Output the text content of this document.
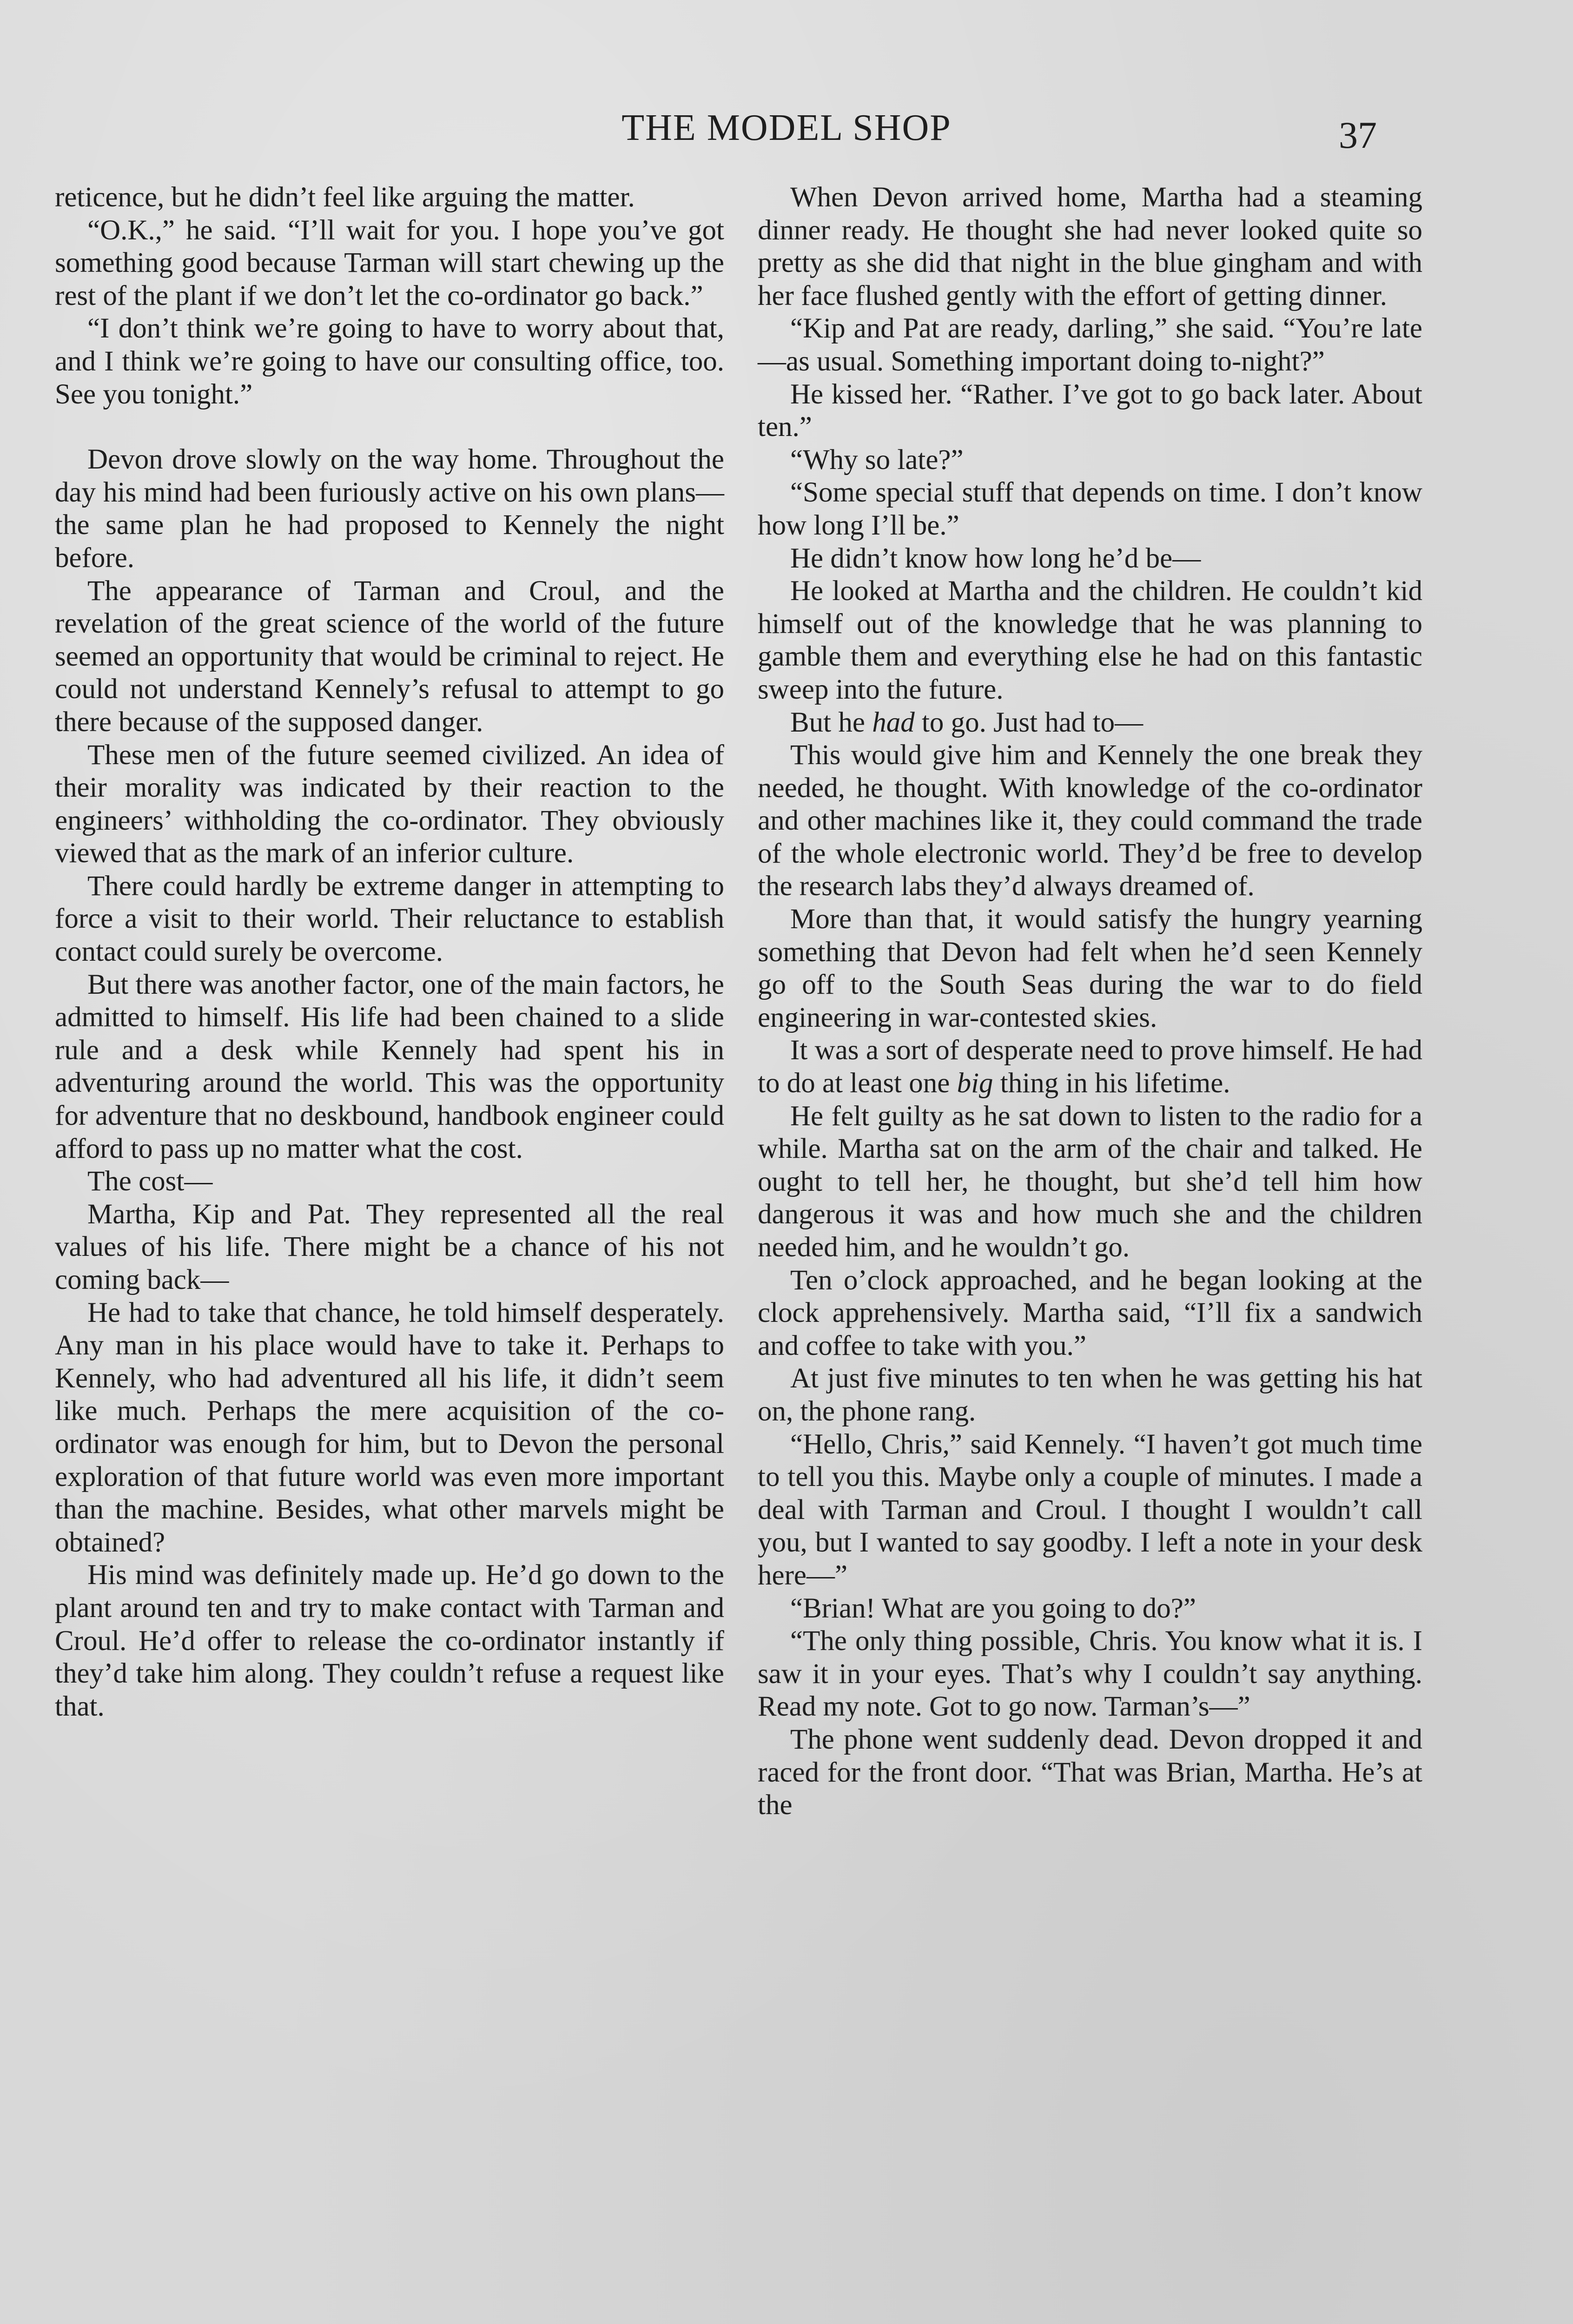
THE MODEL SHOP	37

reticence, but he didn’t feel like arguing the matter.

“O.K.,” he said. “I’ll wait for you. I hope you’ve got something good because Tarman will start chewing up the rest of the plant if we don’t let the co-ordinator go back.”

“I don’t think we’re going to have to worry about that, and I think we’re going to have our consulting office, too. See you tonight.”

Devon drove slowly on the way home. Throughout the day his mind had been furiously active on his own plans—the same plan he had proposed to Kennely the night before.

The appearance of Tarman and Croul, and the revelation of the great science of the world of the future seemed an opportunity that would be criminal to reject. He could not understand Kennely’s refusal to attempt to go there because of the supposed danger.

These men of the future seemed civilized. An idea of their morality was indicated by their reaction to the engineers’ withholding the co-ordinator. They obviously viewed that as the mark of an inferior culture.

There could hardly be extreme danger in attempting to force a visit to their world. Their reluctance to establish contact could surely be overcome.

But there was another factor, one of the main factors, he admitted to himself. His life had been chained to a slide rule and a desk while Kennely had spent his in adventuring around the world. This was the opportunity for adventure that no deskbound, handbook engineer could afford to pass up no matter what the cost.

The cost—

Martha, Kip and Pat. They represented all the real values of his life. There might be a chance of his not coming back—

He had to take that chance, he told himself desperately. Any man in his place would have to take it. Perhaps to Kennely, who had adventured all his life, it didn’t seem like much. Perhaps the mere acquisition of the co-ordinator was enough for him, but to Devon the personal exploration of that future world was even more important than the machine. Besides, what other marvels might be obtained?

His mind was definitely made up. He’d go down to the plant around ten and try to make contact with Tarman and Croul. He’d offer to release the co-ordinator instantly if they’d take him along. They couldn’t refuse a request like that.

When Devon arrived home, Martha had a steaming dinner ready. He thought she had never looked quite so pretty as she did that night in the blue gingham and with her face flushed gently with the effort of getting dinner.

“Kip and Pat are ready, darling,” she said. “You’re late—as usual. Something important doing to-night?”

He kissed her. “Rather. I’ve got to go back later. About ten.”

“Why so late?”

“Some special stuff that depends on time. I don’t know how long I’ll be.”

He didn’t know how long he’d be—

He looked at Martha and the children. He couldn’t kid himself out of the knowledge that he was planning to gamble them and everything else he had on this fantastic sweep into the future.

But he had to go. Just had to—

This would give him and Kennely the one break they needed, he thought. With knowledge of the co-ordinator and other machines like it, they could command the trade of the whole electronic world. They’d be free to develop the research labs they’d always dreamed of.

More than that, it would satisfy the hungry yearning something that Devon had felt when he’d seen Kennely go off to the South Seas during the war to do field engineering in war-contested skies.

It was a sort of desperate need to prove himself. He had to do at least one big thing in his lifetime.

He felt guilty as he sat down to listen to the radio for a while. Martha sat on the arm of the chair and talked. He ought to tell her, he thought, but she’d tell him how dangerous it was and how much she and the children needed him, and he wouldn’t go.

Ten o’clock approached, and he began looking at the clock apprehensively. Martha said, “I’ll fix a sandwich and coffee to take with you.”

At just five minutes to ten when he was getting his hat on, the phone rang.

“Hello, Chris,” said Kennely. “I haven’t got much time to tell you this. Maybe only a couple of minutes. I made a deal with Tarman and Croul. I thought I wouldn’t call you, but I wanted to say goodby. I left a note in your desk here—”

“Brian! What are you going to do?”

“The only thing possible, Chris. You know what it is. I saw it in your eyes. That’s why I couldn’t say anything. Read my note. Got to go now. Tarman’s—”

The phone went suddenly dead. Devon dropped it and raced for the front door. “That was Brian, Martha. He’s at the
